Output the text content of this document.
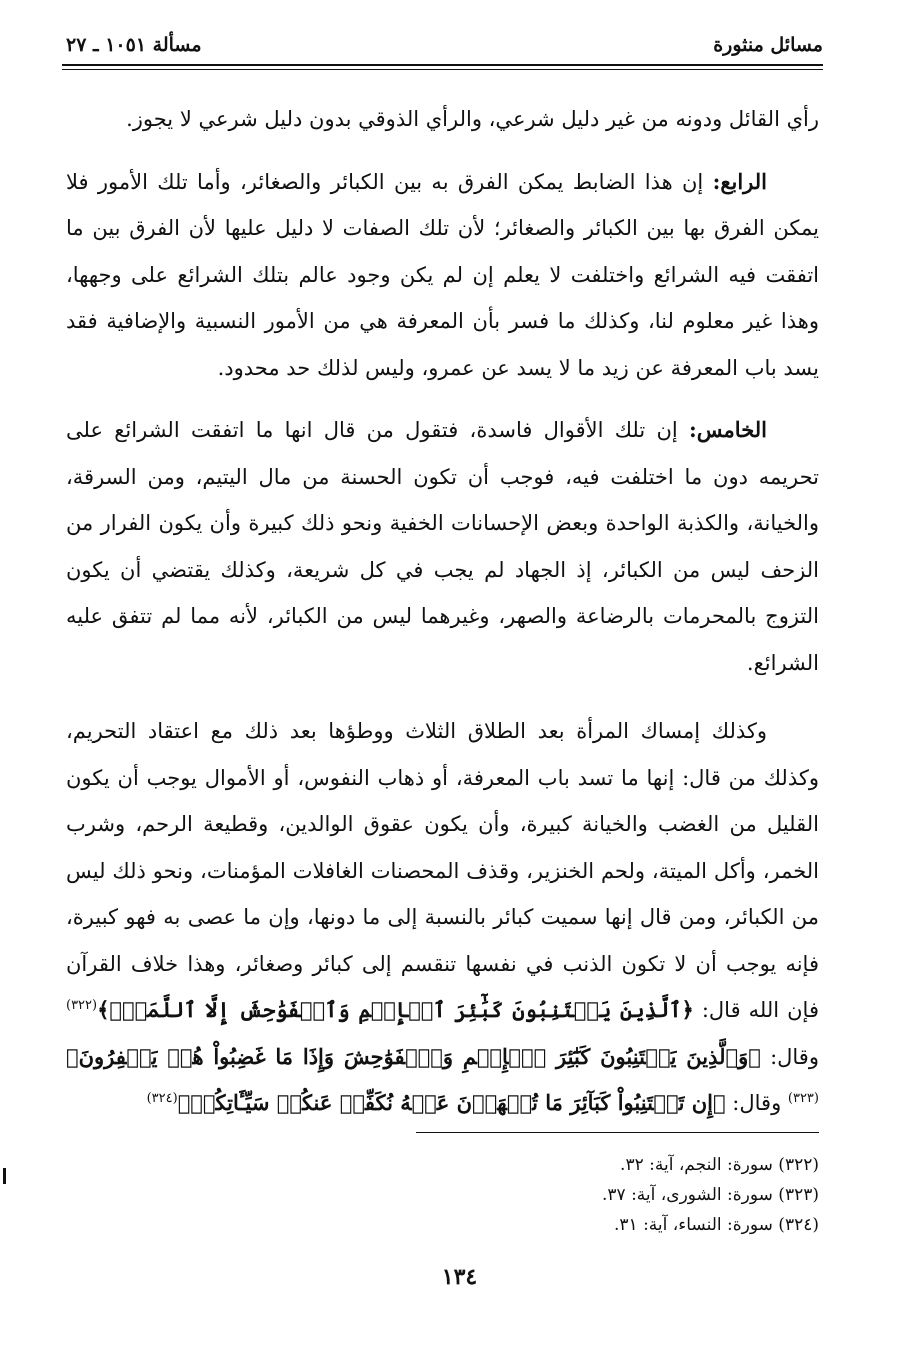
مسألة ١٠٥١ ـ ٢٧	مسائل منثورة

رأي القائل ودونه من غير دليل شرعي، والرأي الذوقي بدون دليل شرعي لا يجوز.

الرابع: إن هذا الضابط يمكن الفرق به بين الكبائر والصغائر، وأما تلك الأمور فلا يمكن الفرق بها بين الكبائر والصغائر؛ لأن تلك الصفات لا دليل عليها لأن الفرق بين ما اتفقت فيه الشرائع واختلفت لا يعلم إن لم يكن وجود عالم بتلك الشرائع على وجهها، وهذا غير معلوم لنا، وكذلك ما فسر بأن المعرفة هي من الأمور النسبية والإضافية فقد يسد باب المعرفة عن زيد ما لا يسد عن عمرو، وليس لذلك حد محدود.

الخامس: إن تلك الأقوال فاسدة، فتقول من قال انها ما اتفقت الشرائع على تحريمه دون ما اختلفت فيه، فوجب أن تكون الحسنة من مال اليتيم، ومن السرقة، والخيانة، والكذبة الواحدة وبعض الإحسانات الخفية ونحو ذلك كبيرة وأن يكون الفرار من الزحف ليس من الكبائر، إذ الجهاد لم يجب في كل شريعة، وكذلك يقتضي أن يكون التزوج بالمحرمات بالرضاعة والصهر، وغيرهما ليس من الكبائر، لأنه مما لم تتفق عليه الشرائع.

وكذلك إمساك المرأة بعد الطلاق الثلاث ووطؤها بعد ذلك مع اعتقاد التحريم، وكذلك من قال: إنها ما تسد باب المعرفة، أو ذهاب النفوس، أو الأموال يوجب أن يكون القليل من الغضب والخيانة كبيرة، وأن يكون عقوق الوالدين، وقطيعة الرحم، وشرب الخمر، وأكل الميتة، ولحم الخنزير، وقذف المحصنات الغافلات المؤمنات، ونحو ذلك ليس من الكبائر، ومن قال إنها سميت كبائر بالنسبة إلى ما دونها، وإن ما عصى به فهو كبيرة، فإنه يوجب أن لا تكون الذنب في نفسها تنقسم إلى كبائر وصغائر، وهذا خلاف القرآن فإن الله قال: ﴿ٱلَّذِينَ يَجۡتَنِبُونَ كَبَٰٓئِرَ ٱلۡإِثۡمِ وَٱلۡفَوَٰحِشَ إِلَّا ٱللَّمَمَۚ﴾$^{(٣٢٢)}$ وقال: ﴿وَٱلَّذِينَ يَجۡتَنِبُونَ كَبَٰٓئِرَ ٱلۡإِثۡمِ وَٱلۡفَوَٰحِشَ وَإِذَا مَا غَضِبُواْ هُمۡ يَغۡفِرُونَ﴾$^{(٣٢٣)}$ وقال: ﴿إِن تَجۡتَنِبُواْ كَبَآئِرَ مَا تُنۡهَوۡنَ عَنۡهُ نُكَفِّرۡ عَنكُمۡ سَيِّـَٔاتِكُمۡ﴾$^{(٣٢٤)}$

(٣٢٢) سورة: النجم، آية: ٣٢.
(٣٢٣) سورة: الشورى، آية: ٣٧.
(٣٢٤) سورة: النساء، آية: ٣١.
١٣٤
